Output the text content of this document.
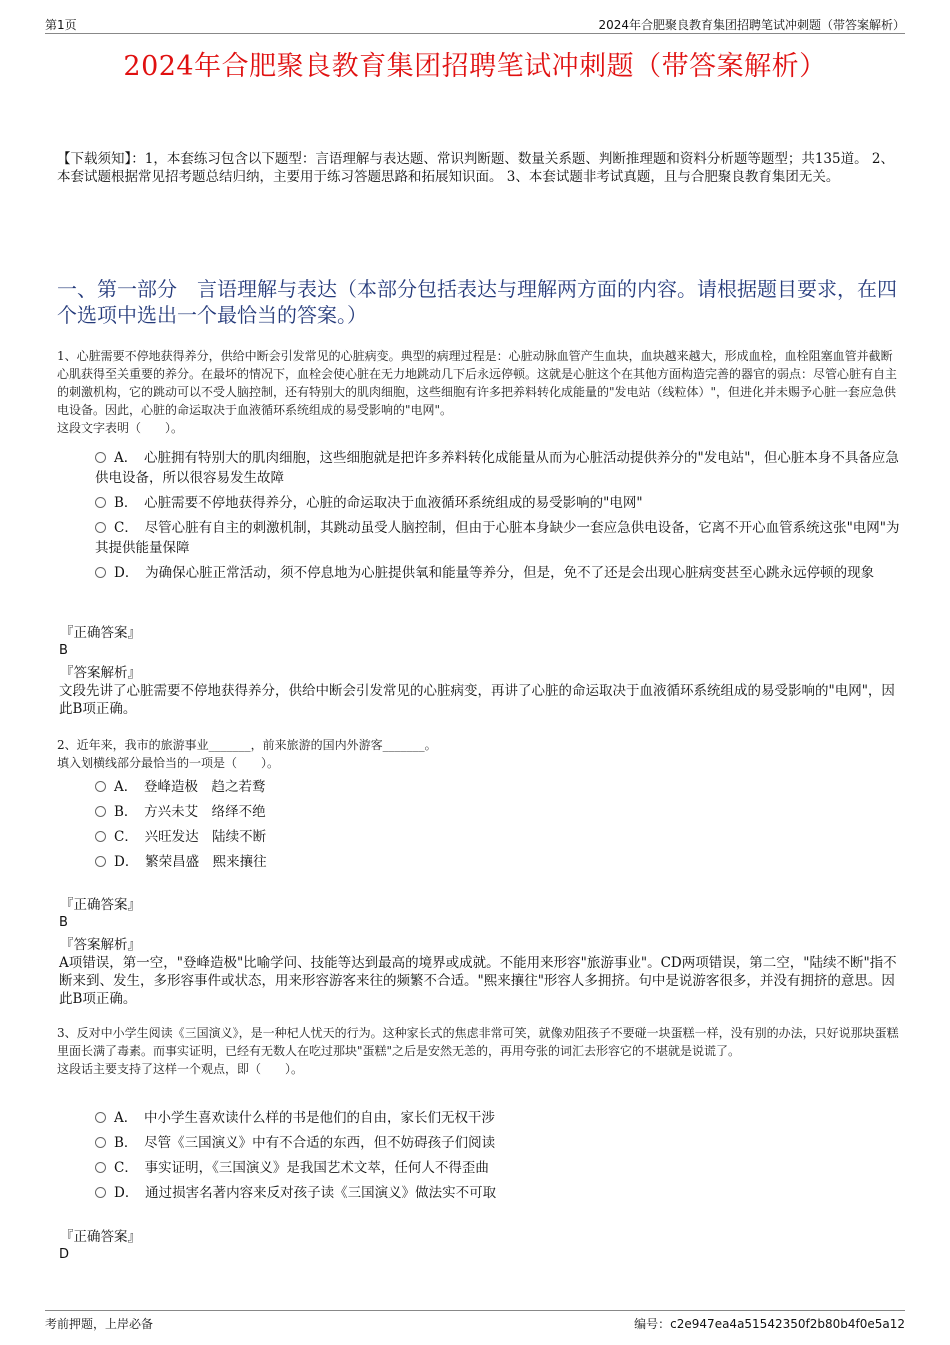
第1页	2024年合肥聚良教育集团招聘笔试冲刺题（带答案解析）
2024年合肥聚良教育集团招聘笔试冲刺题（带答案解析）
【下载须知】：1，本套练习包含以下题型：言语理解与表达题、常识判断题、数量关系题、判断推理题和资料分析题等题型；共135道。 2、本套试题根据常见招考题总结归纳，主要用于练习答题思路和拓展知识面。 3、本套试题非考试真题，且与合肥聚良教育集团无关。
一、第一部分　言语理解与表达（本部分包括表达与理解两方面的内容。请根据题目要求，在四个选项中选出一个最恰当的答案。）
1、心脏需要不停地获得养分，供给中断会引发常见的心脏病变。典型的病理过程是：心脏动脉血管产生血块，血块越来越大，形成血栓，血栓阻塞血管并截断心肌获得至关重要的养分。在最坏的情况下，血栓会使心脏在无力地跳动几下后永远停顿。这就是心脏这个在其他方面构造完善的器官的弱点：尽管心脏有自主的刺激机构，它的跳动可以不受人脑控制，还有特别大的肌肉细胞，这些细胞有许多把养料转化成能量的"发电站（线粒体）"，但进化并未赐予心脏一套应急供电设备。因此，心脏的命运取决于血液循环系统组成的易受影响的"电网"。
这段文字表明（　　）。
A．　心脏拥有特别大的肌肉细胞，这些细胞就是把许多养料转化成能量从而为心脏活动提供养分的"发电站"，但心脏本身不具备应急供电设备，所以很容易发生故障
B．　心脏需要不停地获得养分，心脏的命运取决于血液循环系统组成的易受影响的"电网"
C．　尽管心脏有自主的刺激机制，其跳动虽受人脑控制，但由于心脏本身缺少一套应急供电设备，它离不开心血管系统这张"电网"为其提供能量保障
D．　为确保心脏正常活动，须不停息地为心脏提供氧和能量等养分，但是，免不了还是会出现心脏病变甚至心跳永远停顿的现象
『正确答案』
B
『答案解析』
文段先讲了心脏需要不停地获得养分，供给中断会引发常见的心脏病变，再讲了心脏的命运取决于血液循环系统组成的易受影响的"电网"，因此B项正确。
2、近年来，我市的旅游事业_______，前来旅游的国内外游客_______。
填入划横线部分最恰当的一项是（　　）。
A．　登峰造极　趋之若鹜
B．　方兴未艾　络绎不绝
C．　兴旺发达　陆续不断
D．　繁荣昌盛　熙来攘往
『正确答案』
B
『答案解析』
A项错误，第一空，"登峰造极"比喻学问、技能等达到最高的境界或成就。不能用来形容"旅游事业"。CD两项错误，第二空，"陆续不断"指不断来到、发生，多形容事件或状态，用来形容游客来往的频繁不合适。"熙来攘往"形容人多拥挤。句中是说游客很多，并没有拥挤的意思。因此B项正确。
3、反对中小学生阅读《三国演义》，是一种杞人忧天的行为。这种家长式的焦虑非常可笑，就像劝阻孩子不要碰一块蛋糕一样，没有别的办法，只好说那块蛋糕里面长满了毒素。而事实证明，已经有无数人在吃过那块"蛋糕"之后是安然无恙的，再用夸张的词汇去形容它的不堪就是说谎了。
这段话主要支持了这样一个观点，即（　　）。
A．　中小学生喜欢读什么样的书是他们的自由，家长们无权干涉
B．　尽管《三国演义》中有不合适的东西，但不妨碍孩子们阅读
C．　事实证明，《三国演义》是我国艺术文萃，任何人不得歪曲
D．　通过损害名著内容来反对孩子读《三国演义》做法实不可取
『正确答案』
D
考前押题，上岸必备	编号：c2e947ea4a51542350f2b80b4f0e5a12
